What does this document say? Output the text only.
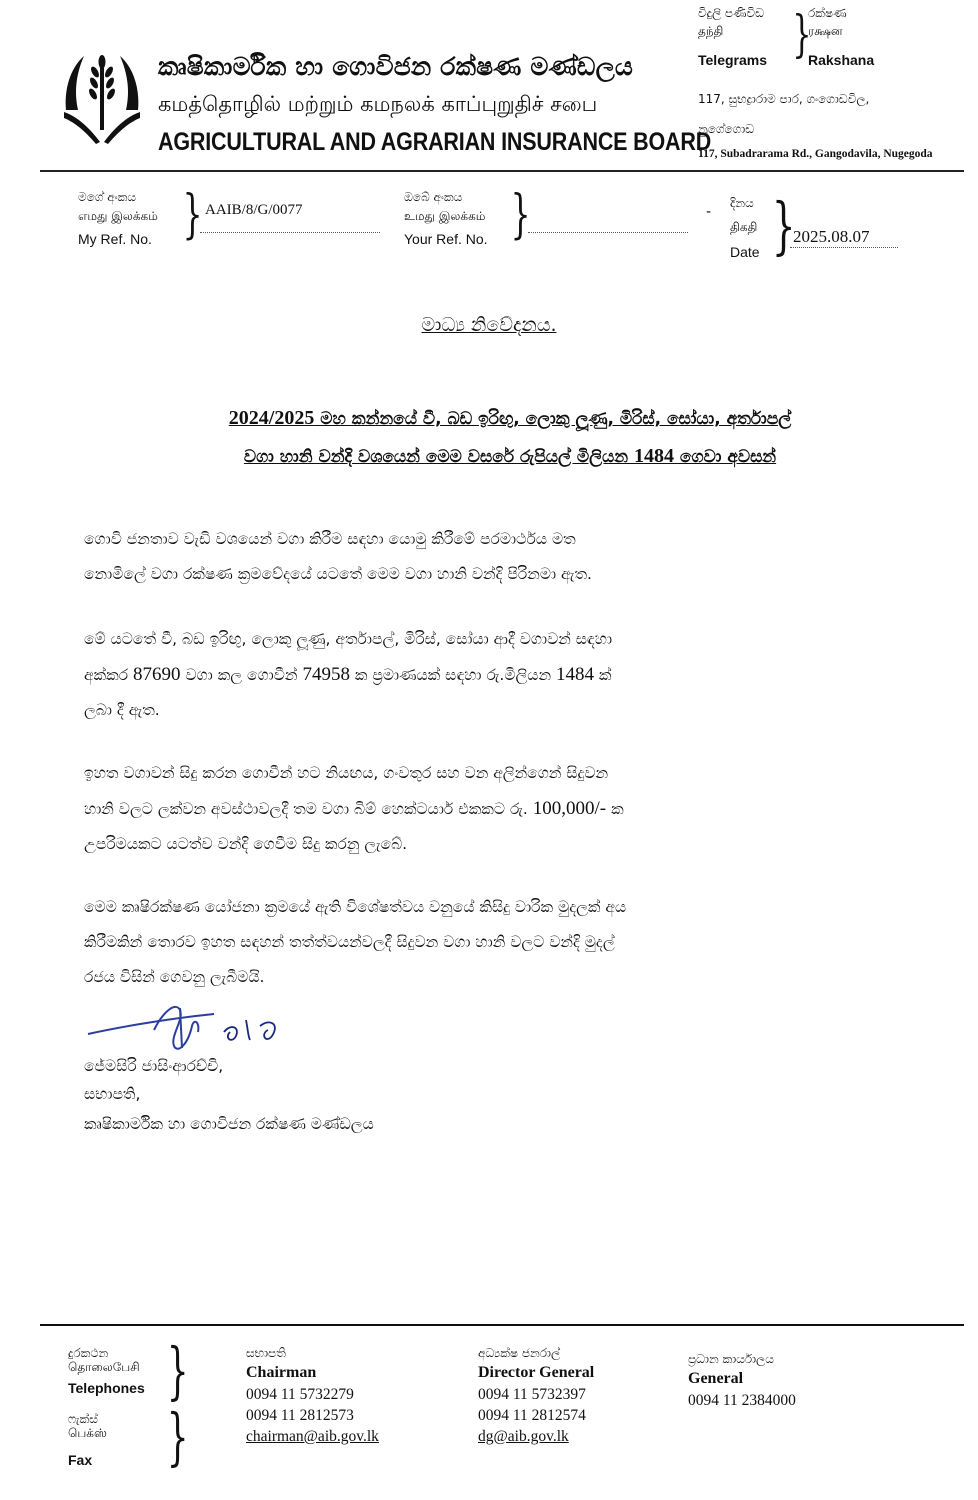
කෘෂිකාර්මික හා ගොවිජන රක්ෂණ මණ්ඩලය
கமத்தொழில் மற்றும் கமநலக் காப்புறுதிச் சபை
AGRICULTURAL AND AGRARIAN INSURANCE BOARD
විදුලි පණිවිඩ
தந்தி
Telegrams }
රක්ෂණ
ரக்ஷன
Rakshana
117, සුභද්‍රාරාම පාර, ගංගොඩවිල,
නුගේගොඩ
117, Subadrarama Rd., Gangodavila, Nugegoda
මගේ අංකය
எமது இலக்கம்
My Ref. No. } AAIB/8/G/0077
ඔබේ අංකය
உமது இலக்கம்
Your Ref. No. }	-
දිනය
திகதி
Date }
2025.08.07
මාධ්‍ය නිවේදනය.
2024/2025 මහ කන්නයේ වී, බඩ ඉරිඟු, ලොකු ලූණු, මිරිස්, සෝයා, අර්තාපල්
වගා හානි වන්දි වශයෙන් මෙම වසරේ රුපියල් මිලියන 1484 ගෙවා අවසන්
ගොවි ජනතාව වැඩි වශයෙන් වගා කිරීම සඳහා යොමු කිරීමේ පරමාර්ථය මත
නොමිලේ වගා රක්ෂණ ක්‍රමවේදයේ යටතේ මෙම වගා හානි වන්දි පිරිනමා ඇත.
මේ යටතේ වී, බඩ ඉරිඟු, ලොකු ලූණු, අර්තාපල්, මිරිස්, සෝයා ආදී වගාවන් සඳහා
අක්කර 87690 වගා කල ගොවීන් 74958 ක ප්‍රමාණයක් සඳහා රු.මිලියන 1484 ක්
ලබා දී ඇත.
ඉහත වගාවන් සිදු කරන ගොවීන් හට නියඟය, ගංවතුර සහ වන අලින්ගෙන් සිදුවන
හානි වලට ලක්වන අවස්ථාවලදී තම වගා බිම් හෙක්ටයාර් එකකට රු. 100,000/- ක
උපරිමයකට යටත්ව වන්දි ගෙවීම සිදු කරනු ලැබේ.
මෙම කෘෂිරක්ෂණ යෝජනා ක්‍රමයේ ඇති විශේෂත්වය වනුයේ කිසිදු වාරික මුදලක් අය
කිරීමකින් තොරව ඉහත සඳහන් තත්ත්වයන්වලදී සිදුවන වගා හානි වලට වන්දි මුදල්
රජය විසින් ගෙවනු ලැබීමයි.
ජේමසිරි ජාසිංආරච්චි,
සභාපති,
කෘෂිකාර්මික හා ගොවිජන රක්ෂණ මණ්ඩලය
දුරකථන
தொலைபேசி
Telephones }
ෆැක්ස්
பெக்ஸ்
Fax }
සභාපති
Chairman
0094 11 5732279
0094 11 2812573
chairman@aib.gov.lk
අධ්‍යක්ෂ ජනරාල්
Director General
0094 11 5732397
0094 11 2812574
dg@aib.gov.lk
ප්‍රධාන කාර්යාලය
General
0094 11 2384000
